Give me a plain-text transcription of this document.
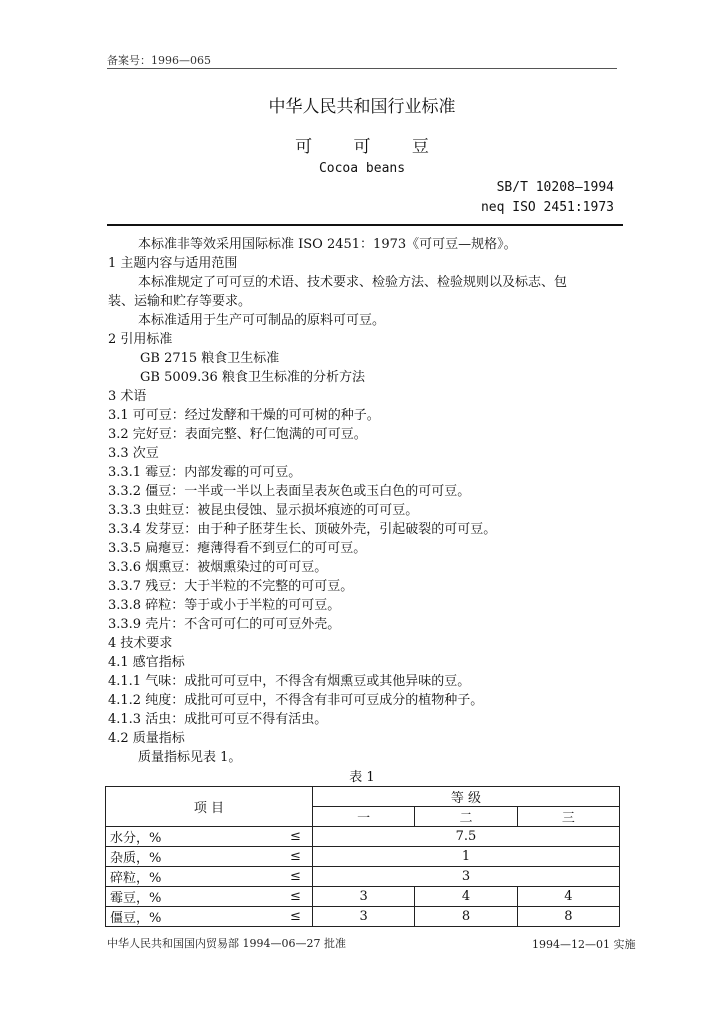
备案号：1996—065
中华人民共和国行业标准
可 可 豆
Cocoa beans
SB/T 10208—1994
neq ISO 2451:1973
本标准非等效采用国际标准 ISO 2451：1973《可可豆—规格》。
1 主题内容与适用范围
本标准规定了可可豆的术语、技术要求、检验方法、检验规则以及标志、包
装、运输和贮存等要求。
本标准适用于生产可可制品的原料可可豆。
2 引用标准
GB 2715 粮食卫生标准
GB 5009.36 粮食卫生标准的分析方法
3 术语
3.1 可可豆：经过发酵和干燥的可可树的种子。
3.2 完好豆：表面完整、籽仁饱满的可可豆。
3.3 次豆
3.3.1 霉豆：内部发霉的可可豆。
3.3.2 僵豆：一半或一半以上表面呈表灰色或玉白色的可可豆。
3.3.3 虫蛀豆：被昆虫侵蚀、显示损坏痕迹的可可豆。
3.3.4 发芽豆：由于种子胚芽生长、顶破外壳，引起破裂的可可豆。
3.3.5 扁瘪豆：瘪薄得看不到豆仁的可可豆。
3.3.6 烟熏豆：被烟熏染过的可可豆。
3.3.7 残豆：大于半粒的不完整的可可豆。
3.3.8 碎粒：等于或小于半粒的可可豆。
3.3.9 壳片：不含可可仁的可可豆外壳。
4 技术要求
4.1 感官指标
4.1.1 气味：成批可可豆中，不得含有烟熏豆或其他异味的豆。
4.1.2 纯度：成批可可豆中，不得含有非可可豆成分的植物种子。
4.1.3 活虫：成批可可豆不得有活虫。
4.2 质量指标
质量指标见表 1。
表 1
项 目		等 级		
		一	二	三
水分，%	≤	7.5		
杂质，%	≤	1		
碎粒，%	≤	3		
霉豆，%	≤	3	4	4
僵豆，%	≤	3	8	8
中华人民共和国国内贸易部 1994—06—27 批准	1994—12—01 实施
